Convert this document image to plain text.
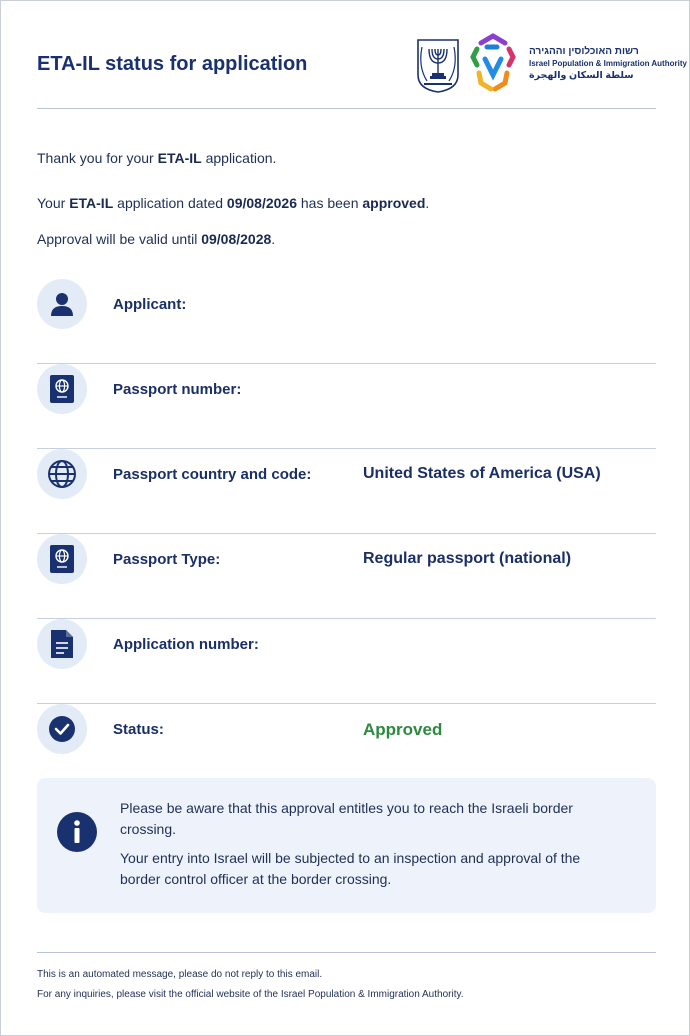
ETA-IL status for application
רשות האוכלוסין וההגירה
Israel Population & Immigration Authority
سلطة السكان والهجرة
Thank you for your ETA-IL application.
Your ETA-IL application dated 09/08/2026 has been approved.
Approval will be valid until 09/08/2028.
Applicant:
Passport number:
Passport country and code:	United States of America (USA)
Passport Type:	Regular passport (national)
Application number:
Status:	Approved
Please be aware that this approval entitles you to reach the Israeli border crossing.
Your entry into Israel will be subjected to an inspection and approval of the border control officer at the border crossing.
This is an automated message, please do not reply to this email.
For any inquiries, please visit the official website of the Israel Population & Immigration Authority.
